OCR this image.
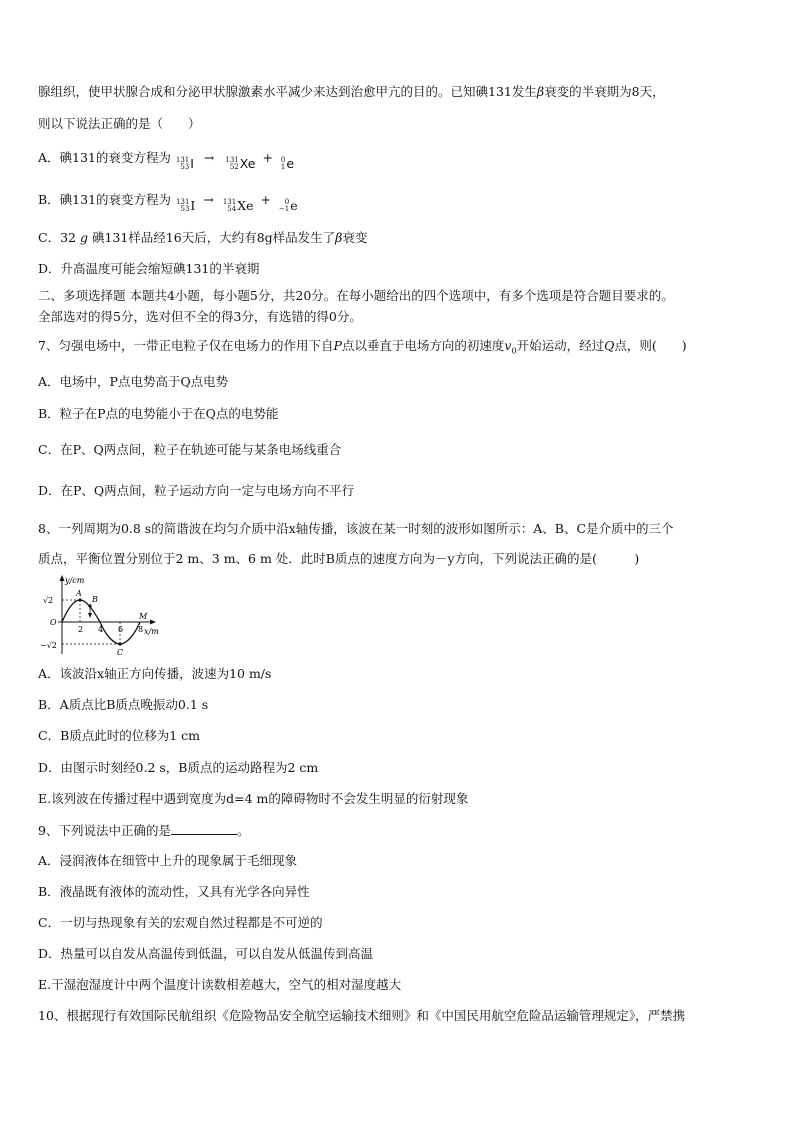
腺组织，使甲状腺合成和分泌甲状腺激素水平减少来达到治愈甲亢的目的。已知碘131发生β衰变的半衰期为8天，
则以下说法正确的是（　　）
A．碘131的衰变方程为 131
53 I → 131
52 Xe + 0
1 e
B．碘131的衰变方程为 131
53 I → 131
54 Xe +	0
−1 e
C．32 g 碘131样品经16天后，大约有8g样品发生了β衰变
D．升高温度可能会缩短碘131的半衰期
二、多项选择题 本题共4小题，每小题5分，共20分。在每小题给出的四个选项中，有多个选项是符合题目要求的。
全部选对的得5分，选对但不全的得3分，有选错的得0分。
7、匀强电场中，一带正电粒子仅在电场力的作用下自P点以垂直于电场方向的初速度$v_0$开始运动，经过Q点，则(　　)
A．电场中，P点电势高于Q点电势
B．粒子在P点的电势能小于在Q点的电势能
C．在P、Q两点间，粒子在轨迹可能与某条电场线重合
D．在P、Q两点间，粒子运动方向一定与电场方向不平行
8、一列周期为0.8 s的简谐波在均匀介质中沿x轴传播，该波在某一时刻的波形如图所示：A、B、C是介质中的三个
质点，平衡位置分别位于2 m、3 m、6 m 处．此时B质点的速度方向为－y方向，下列说法正确的是(　　　)
y/cm
x/m
O
√2
−√2
2 4 6 8
A
B
C
M
A．该波沿x轴正方向传播，波速为10 m/s
B．A质点比B质点晚振动0.1 s
C．B质点此时的位移为1 cm
D．由图示时刻经0.2 s，B质点的运动路程为2 cm
E.该列波在传播过程中遇到宽度为d=4 m的障碍物时不会发生明显的衍射现象
9、下列说法中正确的是	。
A．浸润液体在细管中上升的现象属于毛细现象
B．液晶既有液体的流动性，又具有光学各向异性
C．一切与热现象有关的宏观自然过程都是不可逆的
D．热量可以自发从高温传到低温，可以自发从低温传到高温
E.干湿泡湿度计中两个温度计读数相差越大，空气的相对湿度越大
10、根据现行有效国际民航组织《危险物品安全航空运输技术细则》和《中国民用航空危险品运输管理规定》，严禁携
